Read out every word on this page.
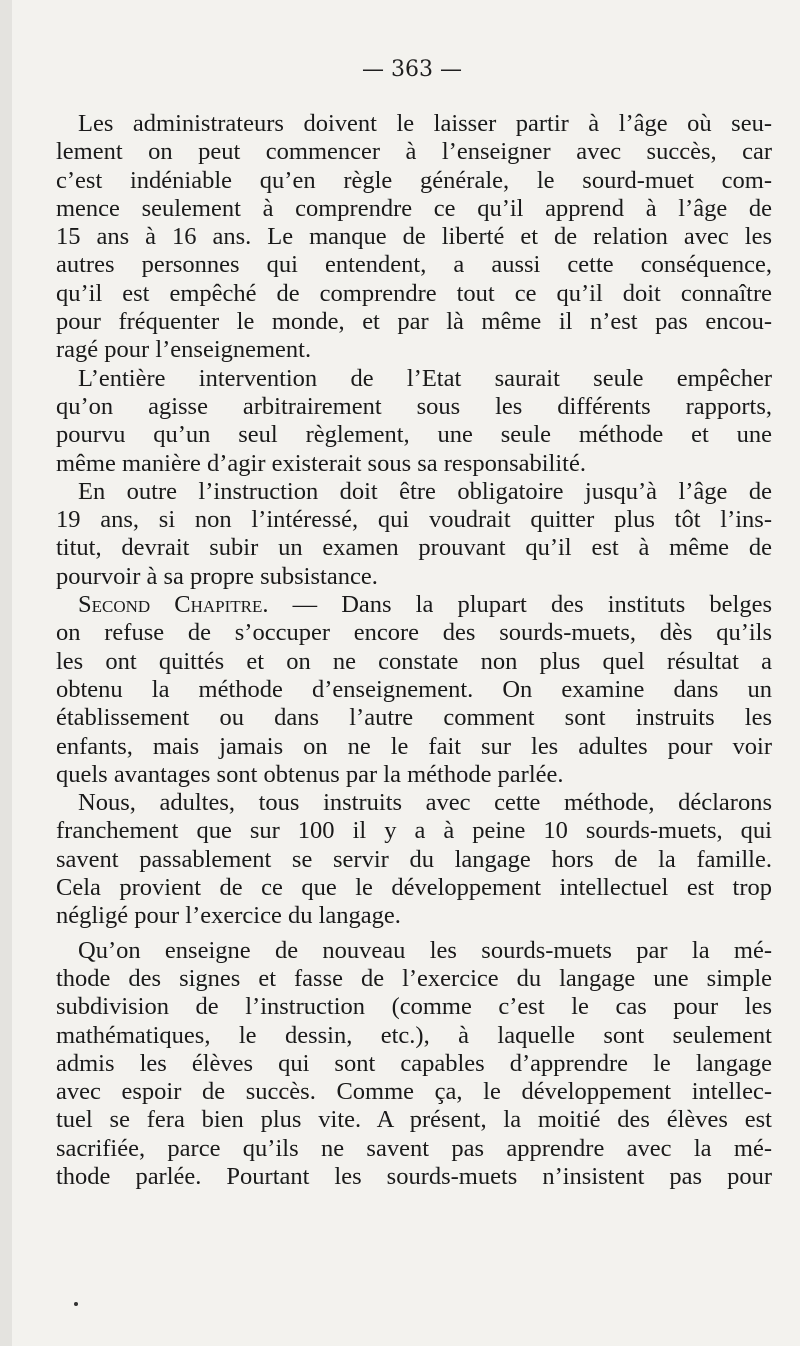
— 363 —

Les administrateurs doivent le laisser partir à l’âge où seu-
lement on peut commencer à l’enseigner avec succès, car
c’est indéniable qu’en règle générale, le sourd-muet com-
mence seulement à comprendre ce qu’il apprend à l’âge de
15 ans à 16 ans. Le manque de liberté et de relation avec les
autres personnes qui entendent, a aussi cette conséquence,
qu’il est empêché de comprendre tout ce qu’il doit connaître
pour fréquenter le monde, et par là même il n’est pas encou-
ragé pour l’enseignement.

L’entière intervention de l’Etat saurait seule empêcher
qu’on agisse arbitrairement sous les différents rapports,
pourvu qu’un seul règlement, une seule méthode et une
même manière d’agir existerait sous sa responsabilité.

En outre l’instruction doit être obligatoire jusqu’à l’âge de
19 ans, si non l’intéressé, qui voudrait quitter plus tôt l’ins-
titut, devrait subir un examen prouvant qu’il est à même de
pourvoir à sa propre subsistance.

Second Chapitre. — Dans la plupart des instituts belges
on refuse de s’occuper encore des sourds-muets, dès qu’ils
les ont quittés et on ne constate non plus quel résultat a
obtenu la méthode d’enseignement. On examine dans un
établissement ou dans l’autre comment sont instruits les
enfants, mais jamais on ne le fait sur les adultes pour voir
quels avantages sont obtenus par la méthode parlée.

Nous, adultes, tous instruits avec cette méthode, déclarons
franchement que sur 100 il y a à peine 10 sourds-muets, qui
savent passablement se servir du langage hors de la famille.
Cela provient de ce que le développement intellectuel est trop
négligé pour l’exercice du langage.

Qu’on enseigne de nouveau les sourds-muets par la mé-
thode des signes et fasse de l’exercice du langage une simple
subdivision de l’instruction (comme c’est le cas pour les
mathématiques, le dessin, etc.), à laquelle sont seulement
admis les élèves qui sont capables d’apprendre le langage
avec espoir de succès. Comme ça, le développement intellec-
tuel se fera bien plus vite. A présent, la moitié des élèves est
sacrifiée, parce qu’ils ne savent pas apprendre avec la mé-
thode parlée. Pourtant les sourds-muets n’insistent pas pour
